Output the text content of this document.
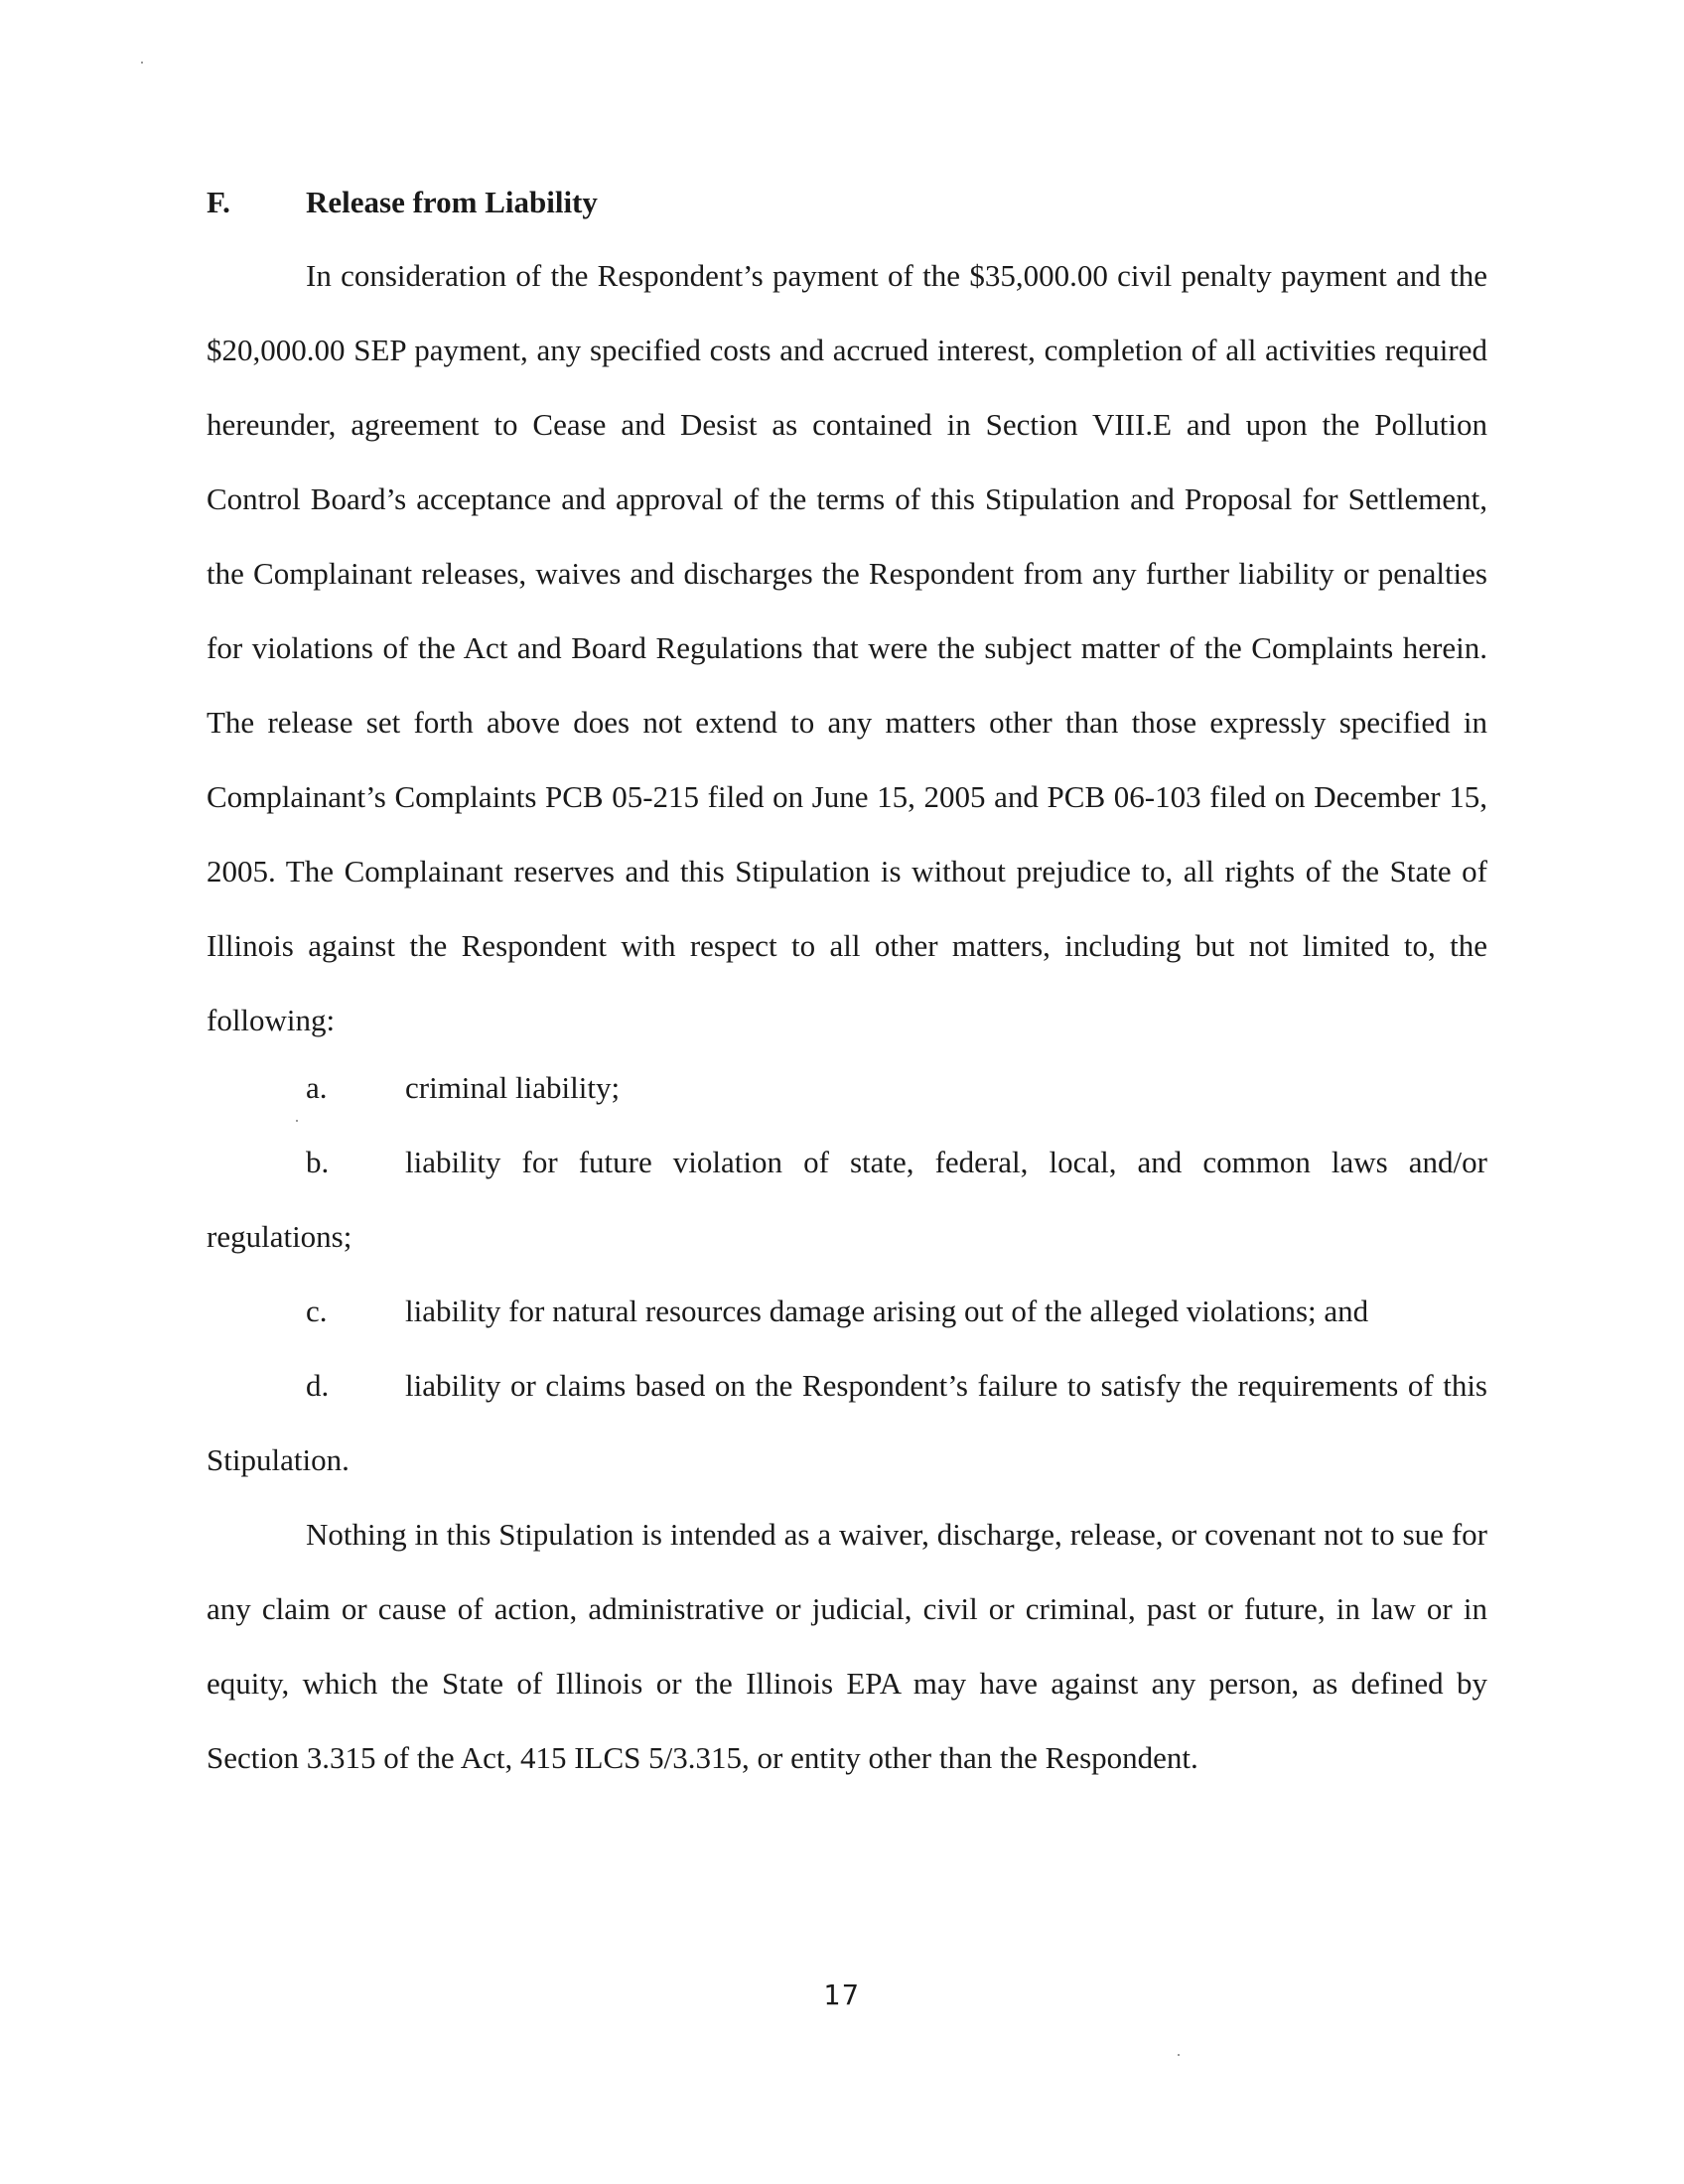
F. Release from Liability
In consideration of the Respondent’s payment of the $35,000.00 civil penalty payment and the $20,000.00 SEP payment, any specified costs and accrued interest, completion of all activities required hereunder, agreement to Cease and Desist as contained in Section VIII.E and upon the Pollution Control Board’s acceptance and approval of the terms of this Stipulation and Proposal for Settlement, the Complainant releases, waives and discharges the Respondent from any further liability or penalties for violations of the Act and Board Regulations that were the subject matter of the Complaints herein. The release set forth above does not extend to any matters other than those expressly specified in Complainant’s Complaints PCB 05-215 filed on June 15, 2005 and PCB 06-103 filed on December 15, 2005. The Complainant reserves and this Stipulation is without prejudice to, all rights of the State of Illinois against the Respondent with respect to all other matters, including but not limited to, the following:

a.	criminal liability;

b. liability for future violation of state, federal, local, and common laws and/or regulations;

c.	liability for natural resources damage arising out of the alleged violations; and

d. liability or claims based on the Respondent’s failure to satisfy the requirements of this Stipulation.

Nothing in this Stipulation is intended as a waiver, discharge, release, or covenant not to sue for any claim or cause of action, administrative or judicial, civil or criminal, past or future, in law or in equity, which the State of Illinois or the Illinois EPA may have against any person, as defined by Section 3.315 of the Act, 415 ILCS 5/3.315, or entity other than the Respondent.
17
